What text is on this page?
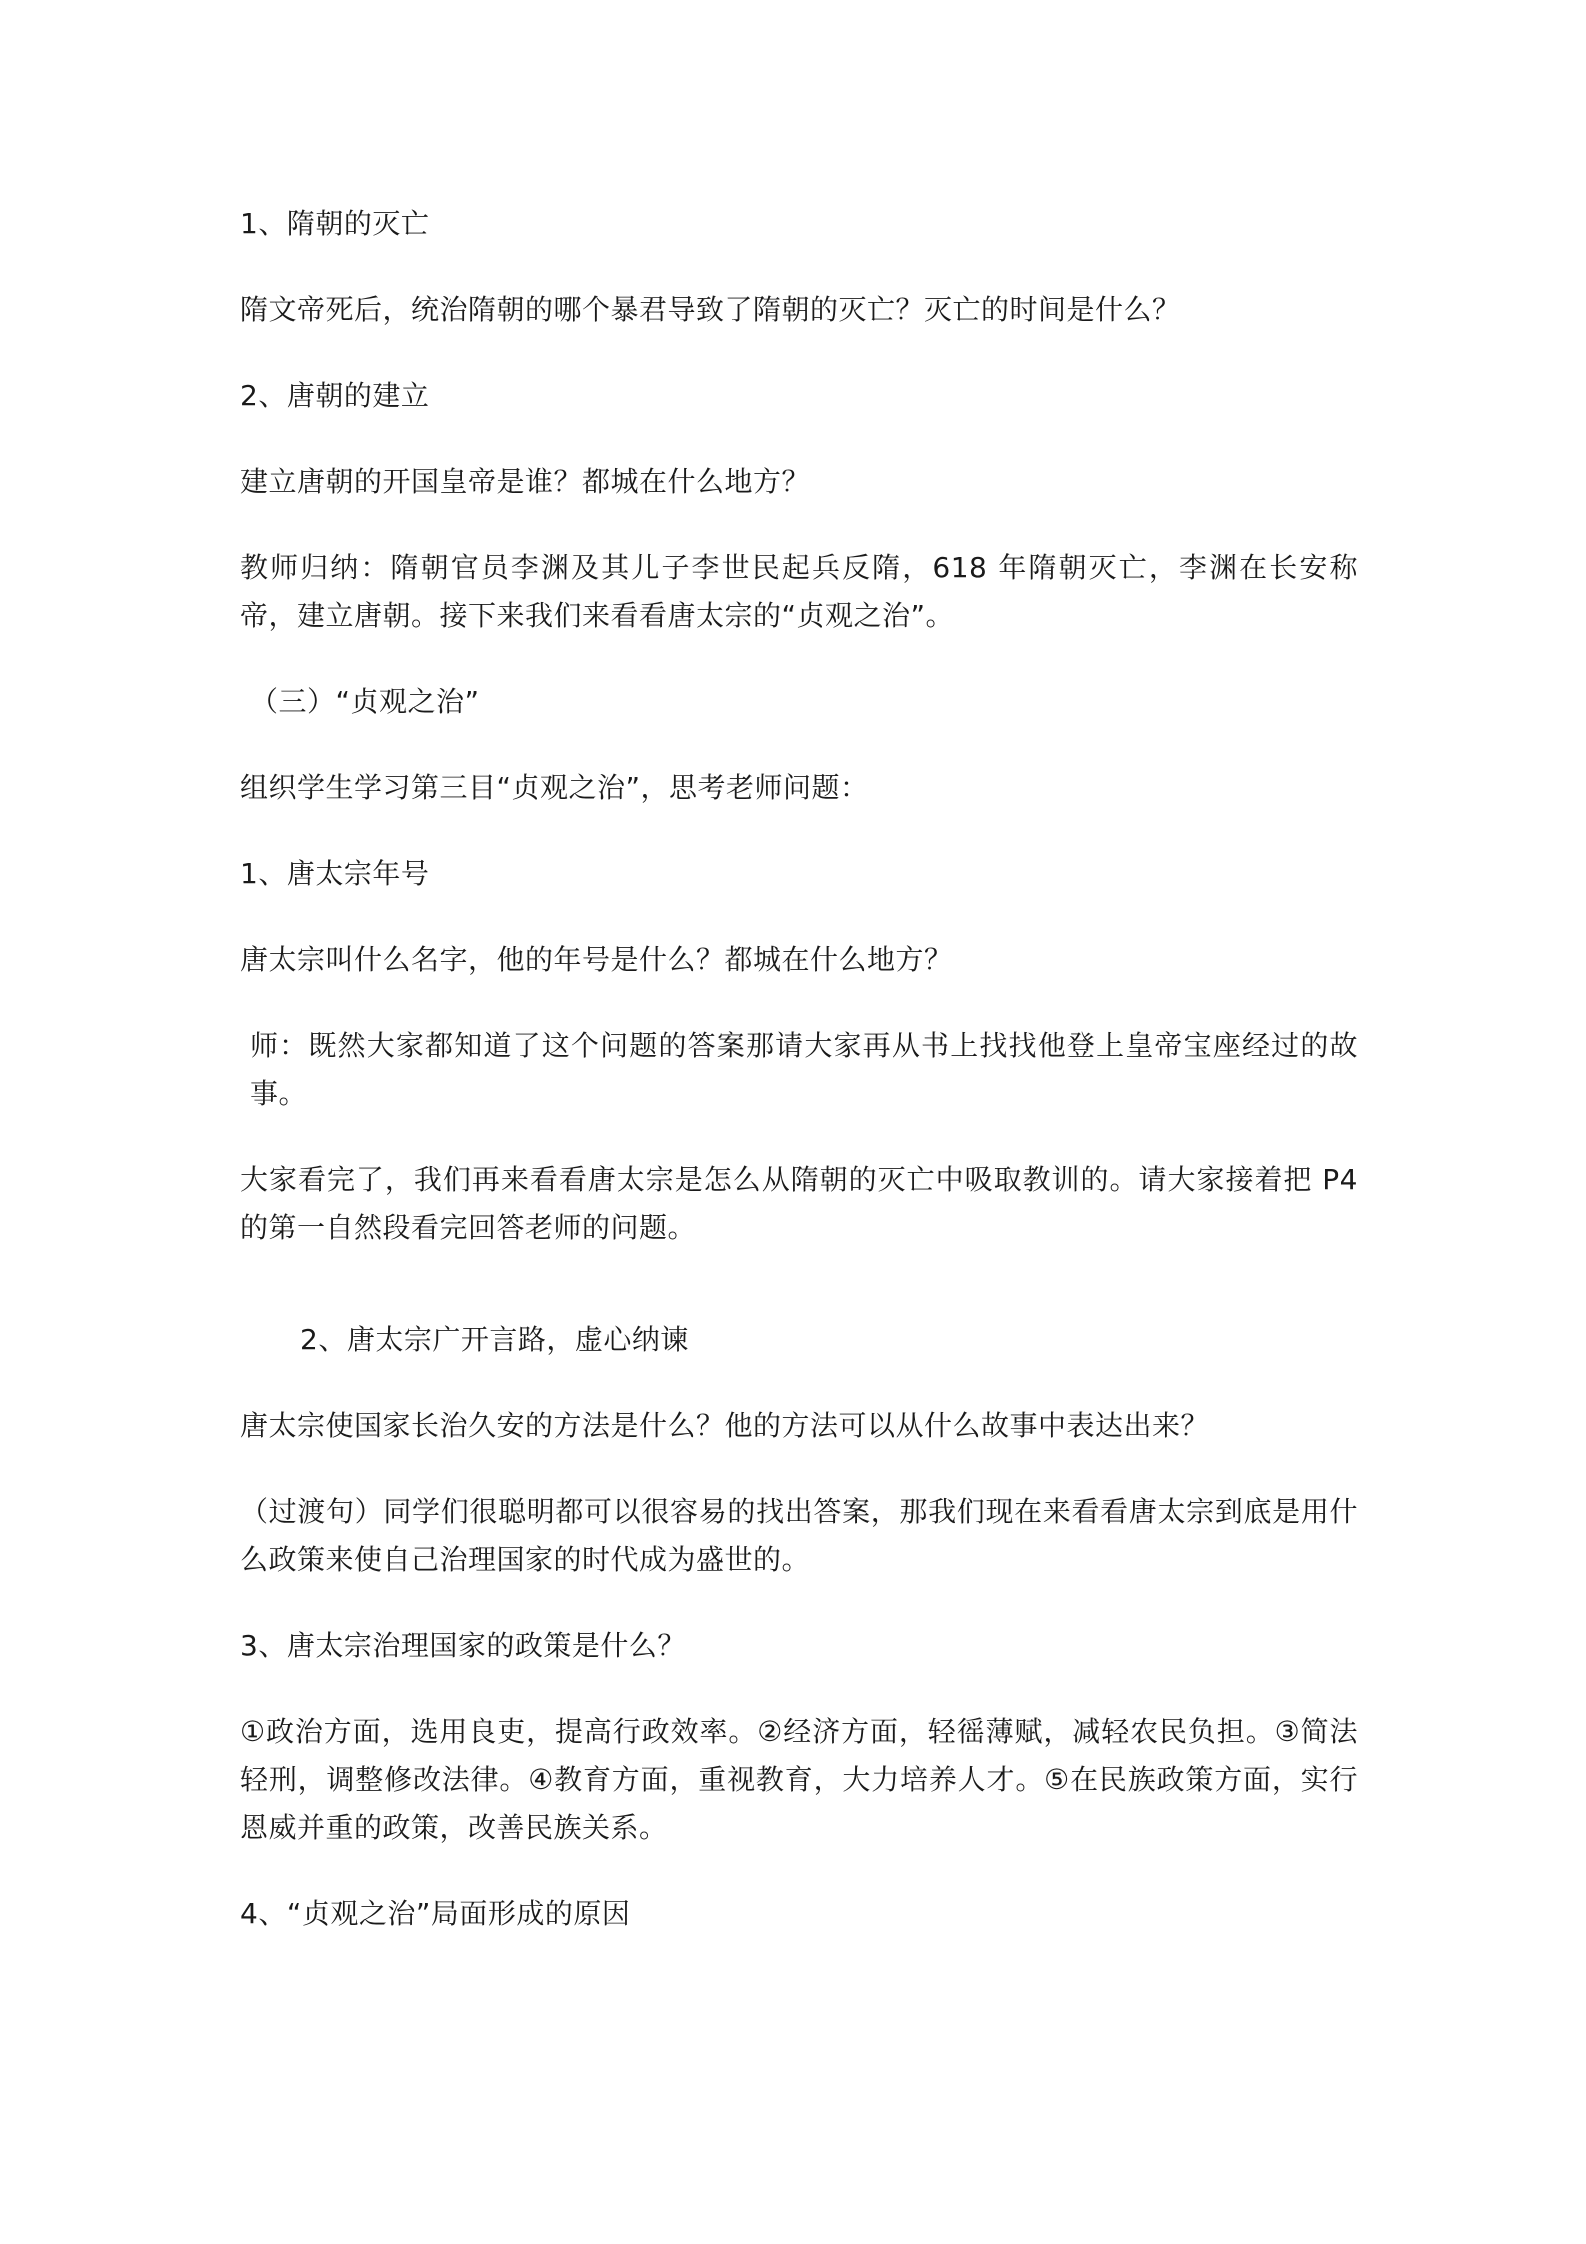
1、隋朝的灭亡

隋文帝死后，统治隋朝的哪个暴君导致了隋朝的灭亡？灭亡的时间是什么？

2、唐朝的建立

建立唐朝的开国皇帝是谁？都城在什么地方？

教师归纳：隋朝官员李渊及其儿子李世民起兵反隋，618 年隋朝灭亡，李渊在长安称帝，建立唐朝。接下来我们来看看唐太宗的“贞观之治”。

（三）“贞观之治”

组织学生学习第三目“贞观之治”，思考老师问题：

1、唐太宗年号

唐太宗叫什么名字，他的年号是什么？都城在什么地方？

师：既然大家都知道了这个问题的答案那请大家再从书上找找他登上皇帝宝座经过的故事。

大家看完了，我们再来看看唐太宗是怎么从隋朝的灭亡中吸取教训的。请大家接着把 P4 的第一自然段看完回答老师的问题。

2、唐太宗广开言路，虚心纳谏

唐太宗使国家长治久安的方法是什么？他的方法可以从什么故事中表达出来？

（过渡句）同学们很聪明都可以很容易的找出答案，那我们现在来看看唐太宗到底是用什么政策来使自己治理国家的时代成为盛世的。

3、唐太宗治理国家的政策是什么？

①政治方面，选用良吏，提高行政效率。②经济方面，轻徭薄赋，减轻农民负担。③简法轻刑，调整修改法律。④教育方面，重视教育，大力培养人才。⑤在民族政策方面，实行恩威并重的政策，改善民族关系。

4、“贞观之治”局面形成的原因
